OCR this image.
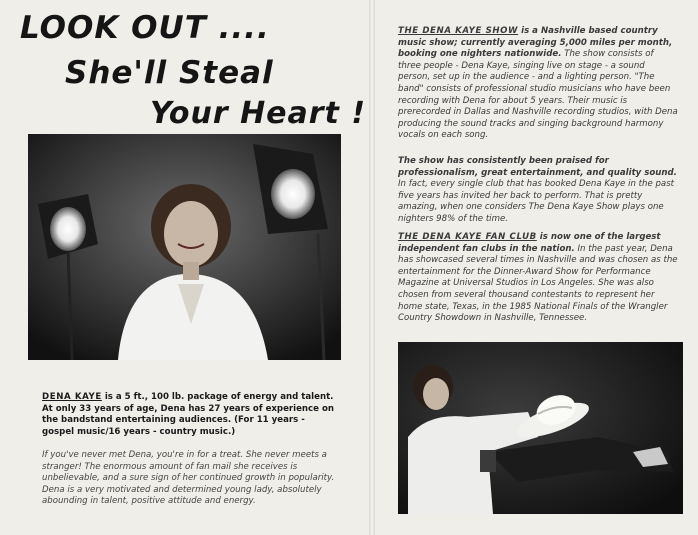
LOOK OUT ....
She'll Steal
Your Heart !

DENA KAYE is a 5 ft., 100 lb. package of energy and talent. At only 33 years of age, Dena has 27 years of experience on the bandstand entertaining audiences. (For 11 years - gospel music/16 years - country music.)

If you've never met Dena, you're in for a treat. She never meets a stranger! The enormous amount of fan mail she receives is unbelievable, and a sure sign of her continued growth in popularity. Dena is a very motivated and determined young lady, absolutely abounding in talent, positive attitude and energy.

THE DENA KAYE SHOW is a Nashville based country music show; currently averaging 5,000 miles per month, booking one nighters nationwide. The show consists of three people - Dena Kaye, singing live on stage - a sound person, set up in the audience - and a lighting person. "The band" consists of professional studio musicians who have been recording with Dena for about 5 years. Their music is prerecorded in Dallas and Nashville recording studios, with Dena producing the sound tracks and singing background harmony vocals on each song.

The show has consistently been praised for professionalism, great entertainment, and quality sound. In fact, every single club that has booked Dena Kaye in the past five years has invited her back to perform. That is pretty amazing, when one considers The Dena Kaye Show plays one nighters 98% of the time.

THE DENA KAYE FAN CLUB is now one of the largest independent fan clubs in the nation. In the past year, Dena has showcased several times in Nashville and was chosen as the entertainment for the Dinner-Award Show for Performance Magazine at Universal Studios in Los Angeles. She was also chosen from several thousand contestants to represent her home state, Texas, in the 1985 National Finals of the Wrangler Country Showdown in Nashville, Tennessee.
